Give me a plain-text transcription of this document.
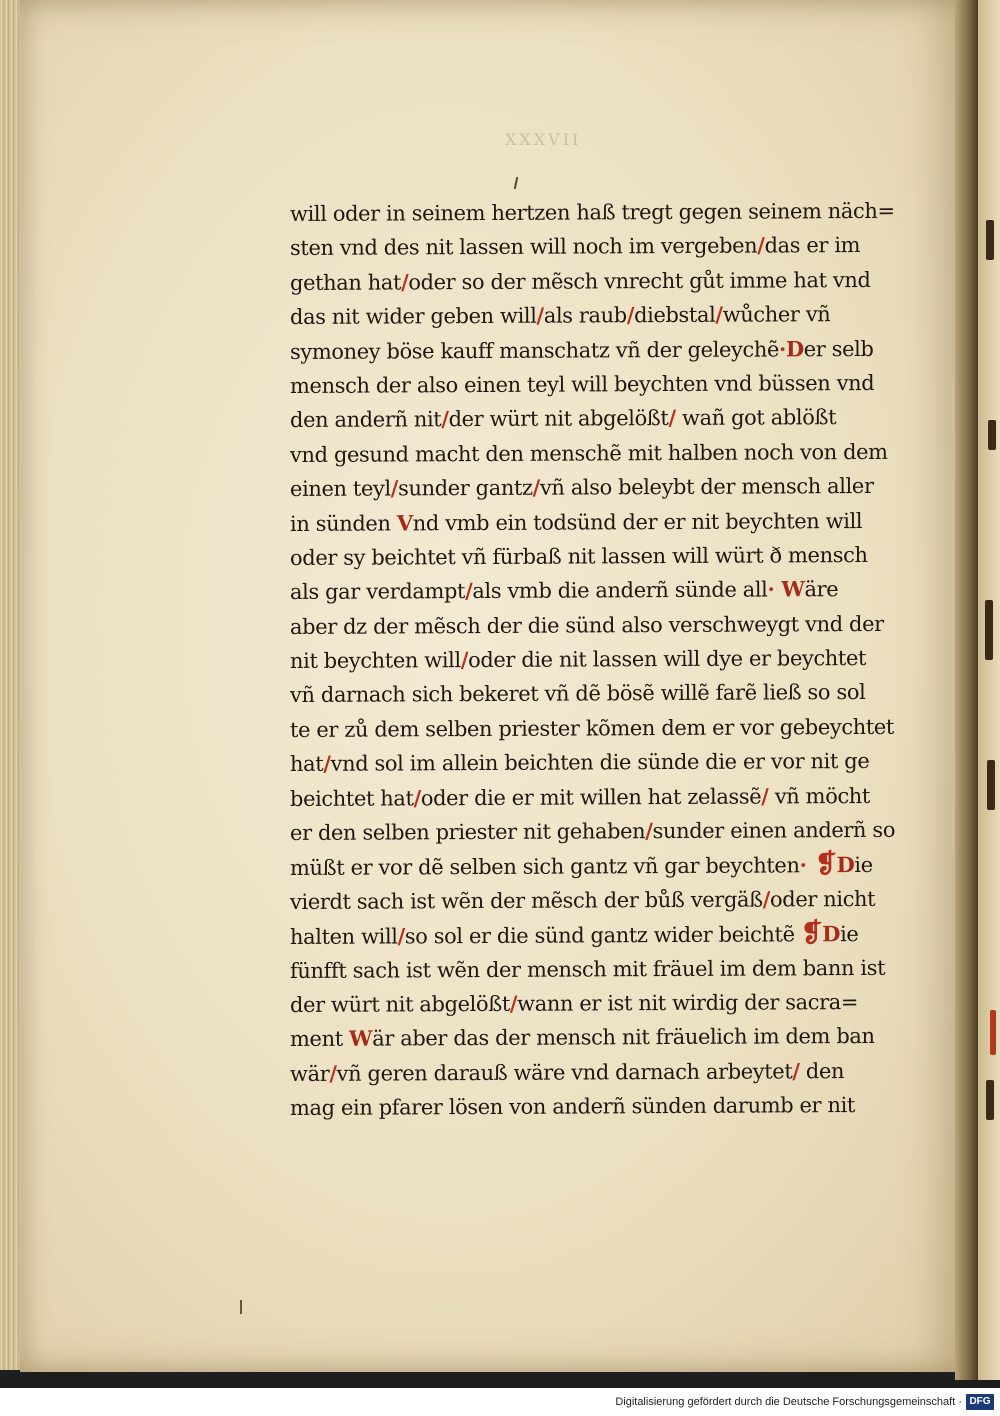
XXXVII
will oder in seinem hertzen haß tregt gegen seinem näch=
sten vnd des nit lassen will noch im vergeben/das er im
gethan hat/oder so der mẽsch vnrecht gůt imme hat vnd
das nit wider geben will/als raub/diebstal/wůcher vñ
symoney böse kauff manschatz vñ der geleychẽ·Der selb
mensch der also einen teyl will beychten vnd büssen vnd
den anderñ nit/der würt nit abgelößt/ wañ got ablößt
vnd gesund macht den menschẽ mit halben noch von dem
einen teyl/sunder gantz/vñ also beleybt der mensch aller
in sünden Vnd vmb ein todsünd der er nit beychten will
oder sy beichtet vñ fürbaß nit lassen will würt ð mensch
als gar verdampt/als vmb die anderñ sünde all· Wäre
aber dz der mẽsch der die sünd also verschweygt vnd der
nit beychten will/oder die nit lassen will dye er beychtet
vñ darnach sich bekeret vñ dẽ bösẽ willẽ farẽ ließ so sol
te er zů dem selben priester kõmen dem er vor gebeychtet
hat/vnd sol im allein beichten die sünde die er vor nit ge
beichtet hat/oder die er mit willen hat zelassẽ/ vñ möcht
er den selben priester nit gehaben/sunder einen anderñ so
müßt er vor dẽ selben sich gantz vñ gar beychten· ❡Die
vierdt sach ist wẽn der mẽsch der bůß vergäß/oder nicht
halten will/so sol er die sünd gantz wider beichtẽ ❡Die
fünfft sach ist wẽn der mensch mit fräuel im dem bann ist
der würt nit abgelößt/wann er ist nit wirdig der sacra=
ment Wär aber das der mensch nit fräuelich im dem ban
wär/vñ geren darauß wäre vnd darnach arbeytet/ den
mag ein pfarer lösen von anderñ sünden darumb er nit
Digitalisierung gefördert durch die Deutsche Forschungsgemeinschaft · DFG
